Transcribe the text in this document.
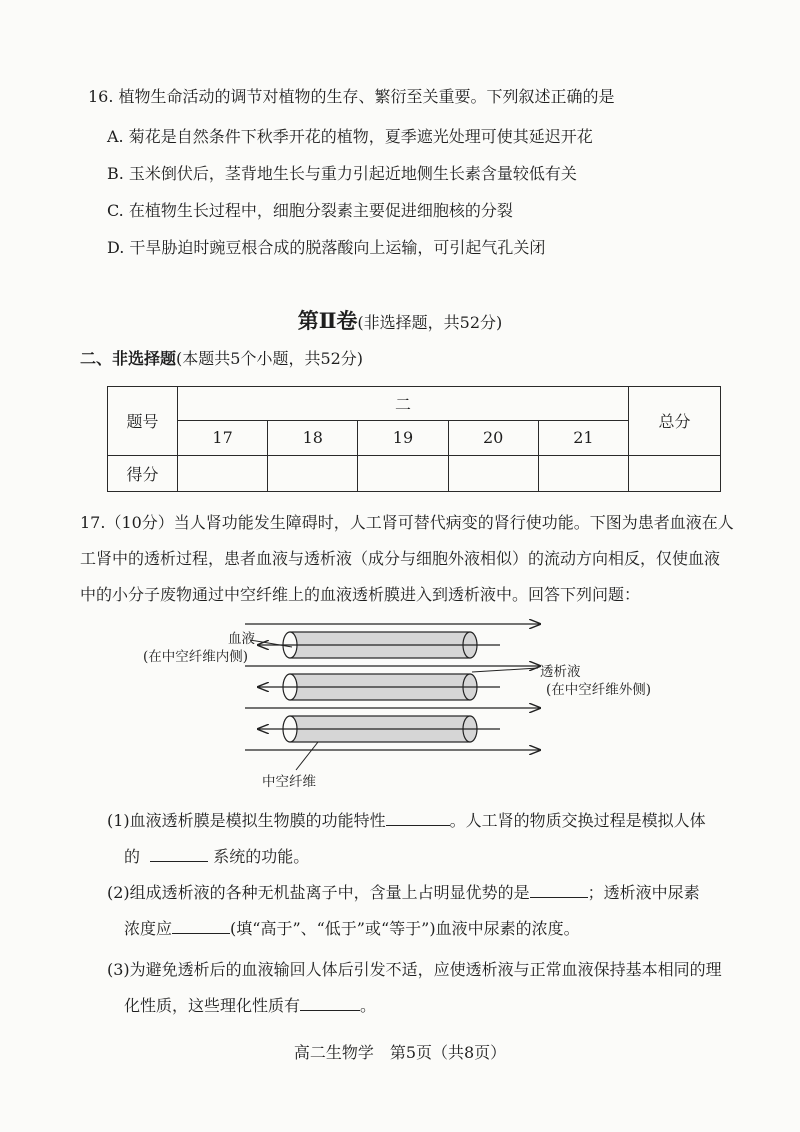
16. 植物生命活动的调节对植物的生存、繁衍至关重要。下列叙述正确的是
A. 菊花是自然条件下秋季开花的植物，夏季遮光处理可使其延迟开花
B. 玉米倒伏后，茎背地生长与重力引起近地侧生长素含量较低有关
C. 在植物生长过程中，细胞分裂素主要促进细胞核的分裂
D. 干旱胁迫时豌豆根合成的脱落酸向上运输，可引起气孔关闭
第Ⅱ卷(非选择题，共52分)
二、非选择题(本题共5个小题，共52分)
题号	二					总分
	17	18	19	20	21	
得分						
17.（10分）当人肾功能发生障碍时，人工肾可替代病变的肾行使功能。下图为患者血液在人
工肾中的透析过程，患者血液与透析液（成分与细胞外液相似）的流动方向相反，仅使血液
中的小分子废物通过中空纤维上的血液透析膜进入到透析液中。回答下列问题：
血液
(在中空纤维内侧)
透析液
(在中空纤维外侧)
中空纤维
(1)血液透析膜是模拟生物膜的功能特性	。人工肾的物质交换过程是模拟人体
的	系统的功能。
(2)组成透析液的各种无机盐离子中，含量上占明显优势的是	；透析液中尿素
浓度应	(填“高于”、“低于”或“等于”)血液中尿素的浓度。
(3)为避免透析后的血液输回人体后引发不适，应使透析液与正常血液保持基本相同的理
化性质，这些理化性质有	。
高二生物学　第5页（共8页）
